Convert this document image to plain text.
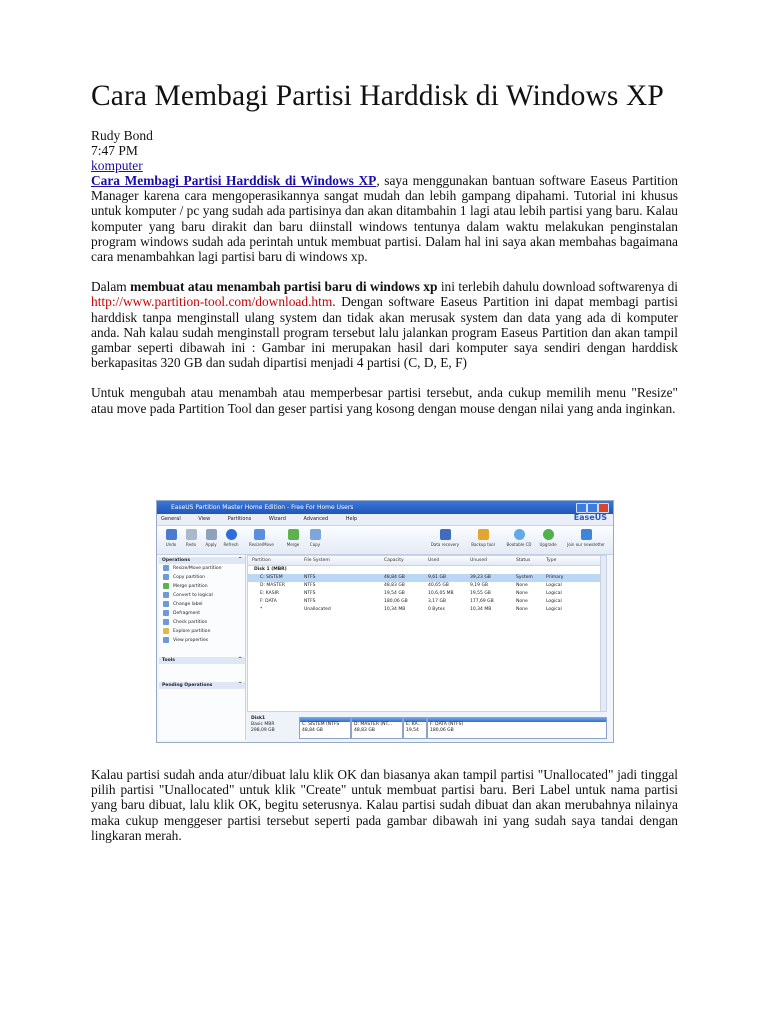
Cara Membagi Partisi Harddisk di Windows XP
Rudy Bond
7:47 PM
komputer

Cara Membagi Partisi Harddisk di Windows XP, saya menggunakan bantuan software Easeus Partition Manager karena cara mengoperasikannya sangat mudah dan lebih gampang dipahami. Tutorial ini khusus untuk komputer / pc yang sudah ada partisinya dan akan ditambahin 1 lagi atau lebih partisi yang baru. Kalau komputer yang baru dirakit dan baru diinstall windows tentunya dalam waktu melakukan penginstalan program windows sudah ada perintah untuk membuat partisi. Dalam hal ini saya akan membahas bagaimana cara menambahkan lagi partisi baru di windows xp.

Dalam membuat atau menambah partisi baru di windows xp ini terlebih dahulu download softwarenya di http://www.partition-tool.com/download.htm. Dengan software Easeus Partition ini dapat membagi partisi harddisk tanpa menginstall ulang system dan tidak akan merusak system dan data yang ada di komputer anda. Nah kalau sudah menginstall program tersebut lalu jalankan program Easeus Partition dan akan tampil gambar seperti dibawah ini : Gambar ini merupakan hasil dari komputer saya sendiri dengan harddisk berkapasitas 320 GB dan sudah dipartisi menjadi 4 partisi (C, D, E, F)

Untuk mengubah atau menambah atau memperbesar partisi tersebut, anda cukup memilih menu "Resize" atau move pada Partition Tool dan geser partisi yang kosong dengan mouse dengan nilai yang anda inginkan.

EaseUS Partition Master Home Edition - Free For Home Users
General	View	Partitions	Wizard	Advanced	Help	EaseUS
Undo	Redo	Apply	Refresh	Resize/Move	Merge	Copy	Data recovery	Backup tool	Bootable CD	Upgrade	Join our newsletter
Operations	^
Resize/Move partition
Copy partition
Merge partition
Convert to logical
Change label
Defragment
Check partition
Explore partition
View properties
Tools	^
Pending Operations	^
Partition	File System	Capacity	Used	Unused	Status	Type
Disk 1 (MBR)
C: SISTEM	NTFS	48,84 GB	9,61 GB	39,23 GB	System	Primary
D: MASTER	NTFS	48,83 GB	40,65 GB	9,19 GB	None	Logical
E: KASIR	NTFS	19,54 GB	10,6,05 MB	19,55 GB	None	Logical
F: DATA	NTFS	180,06 GB	3,17 GB	177,69 GB	None	Logical
*	Unallocated	10,34 MB	0 Bytes	10,34 MB	None	Logical
Disk1
Basic MBR
298,09 GB
C: SISTEM (NTFS
48,84 GB
D: MASTER (NT...
48,83 GB
E: KA...
19,54
F: DATA (NTFS)
180,06 GB

Kalau partisi sudah anda atur/dibuat lalu klik OK dan biasanya akan tampil partisi "Unallocated" jadi tinggal pilih partisi "Unallocated" untuk klik "Create" untuk membuat partisi baru. Beri Label untuk nama partisi yang baru dibuat, lalu klik OK, begitu seterusnya. Kalau partisi sudah dibuat dan akan merubahnya nilainya maka cukup menggeser partisi tersebut seperti pada gambar dibawah ini yang sudah saya tandai dengan lingkaran merah.
